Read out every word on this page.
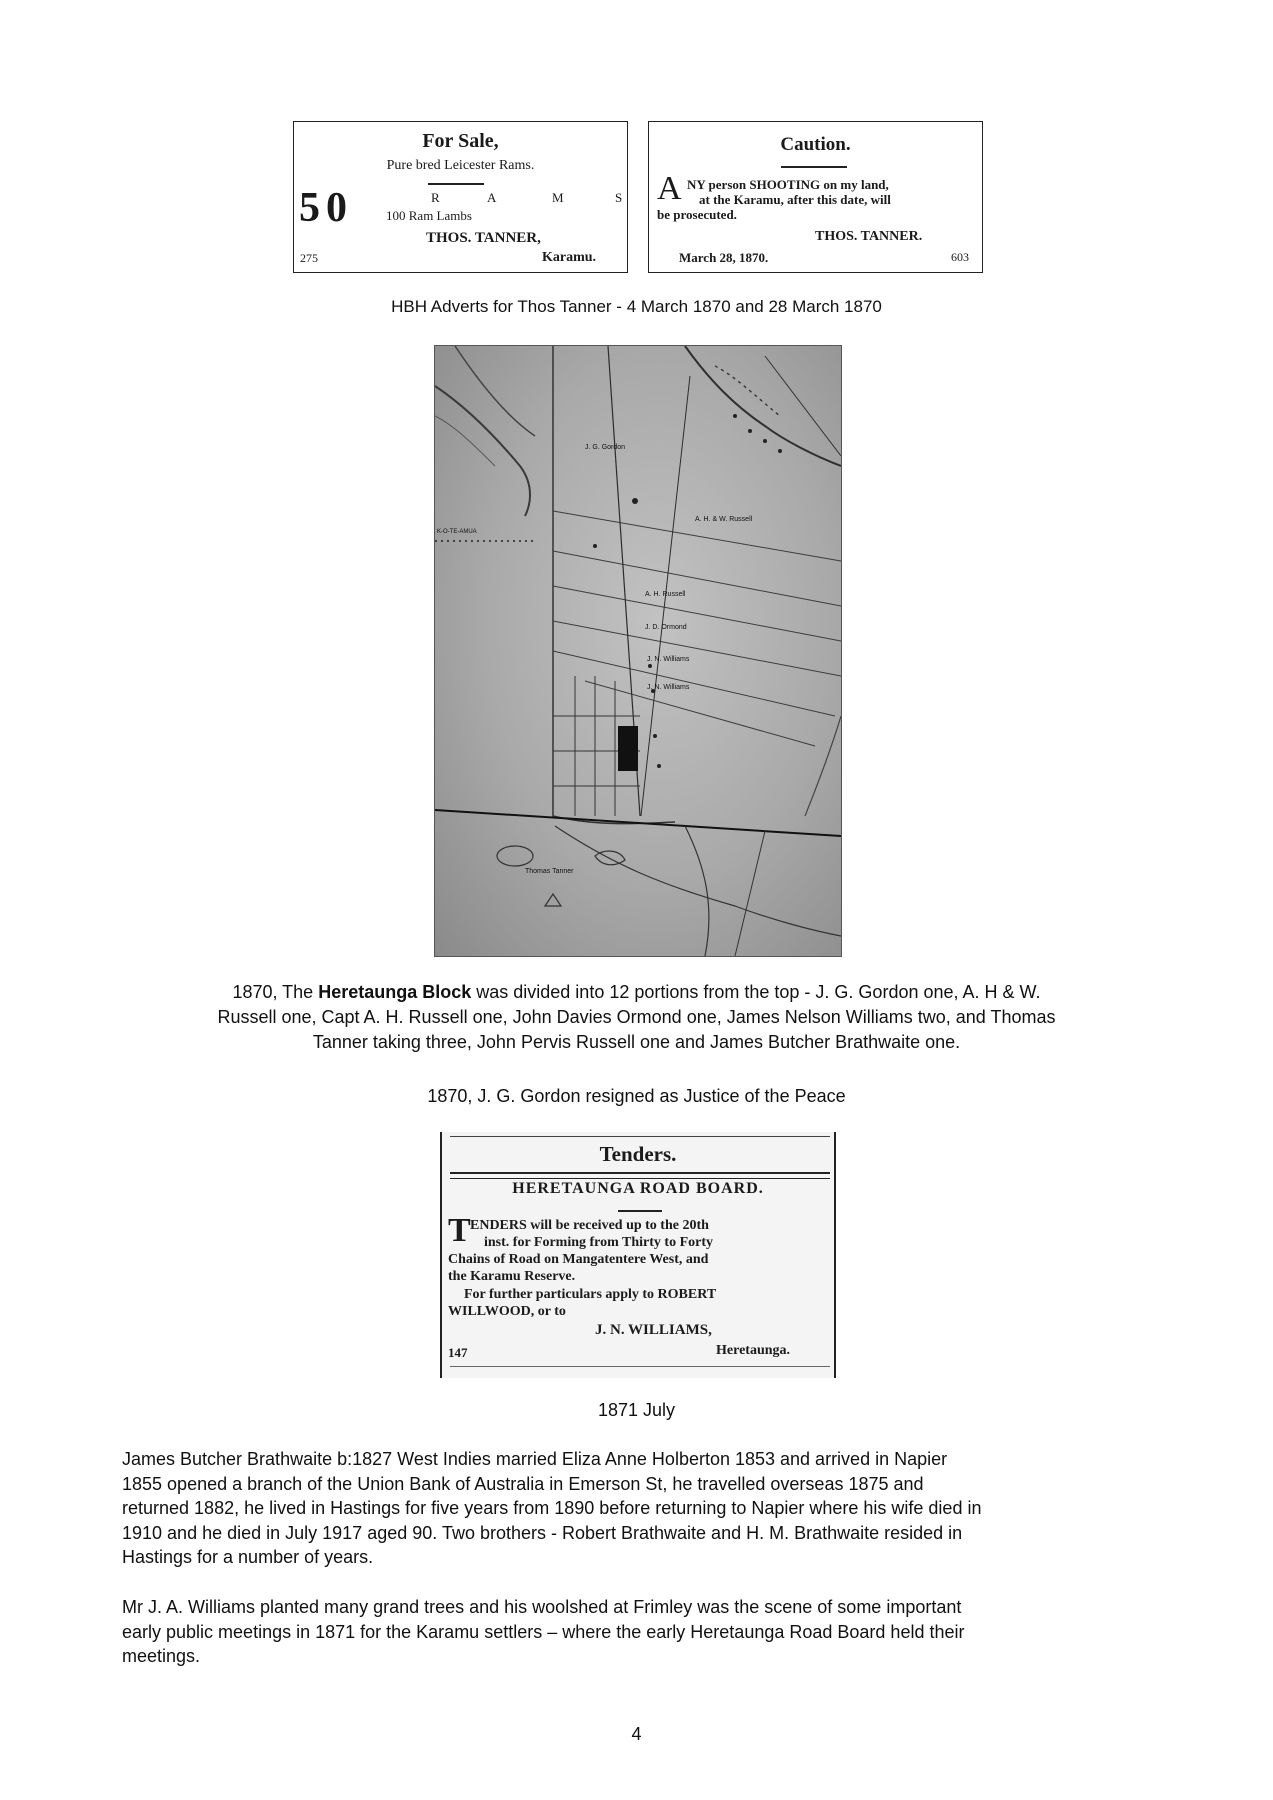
For Sale,
Pure bred Leicester Rams.
50	R	A	M	S
100 Ram Lambs
THOS. TANNER,
275	Karamu.
Caution.
A NY person SHOOTING on my land,
at the Karamu, after this date, will
be prosecuted.
THOS. TANNER.
March 28, 1870.	603
HBH Adverts for Thos Tanner - 4 March 1870 and 28 March 1870
J. G. Gordon
A. H. & W. Russell
A. H. Russell
J. D. Ormond
J. N. Williams
J. N. Williams
Thomas Tanner
K-O-TE-AMUA
1870, The Heretaunga Block was divided into 12 portions from the top - J. G. Gordon one, A. H & W.
Russell one, Capt A. H. Russell one, John Davies Ormond one, James Nelson Williams two, and Thomas
Tanner taking three, John Pervis Russell one and James Butcher Brathwaite one.
1870, J. G. Gordon resigned as Justice of the Peace
Tenders.
HERETAUNGA ROAD BOARD.
T ENDERS will be received up to the 20th
inst. for Forming from Thirty to Forty
Chains of Road on Mangatentere West, and
the Karamu Reserve.
For further particulars apply to ROBERT
WILLWOOD, or to
J. N. WILLIAMS,
147	Heretaunga.
1871 July
James Butcher Brathwaite b:1827 West Indies married Eliza Anne Holberton 1853 and arrived in Napier
1855 opened a branch of the Union Bank of Australia in Emerson St, he travelled overseas 1875 and
returned 1882, he lived in Hastings for five years from 1890 before returning to Napier where his wife died in
1910 and he died in July 1917 aged 90. Two brothers - Robert Brathwaite and H. M. Brathwaite resided in
Hastings for a number of years.
Mr J. A. Williams planted many grand trees and his woolshed at Frimley was the scene of some important
early public meetings in 1871 for the Karamu settlers – where the early Heretaunga Road Board held their
meetings.
4
